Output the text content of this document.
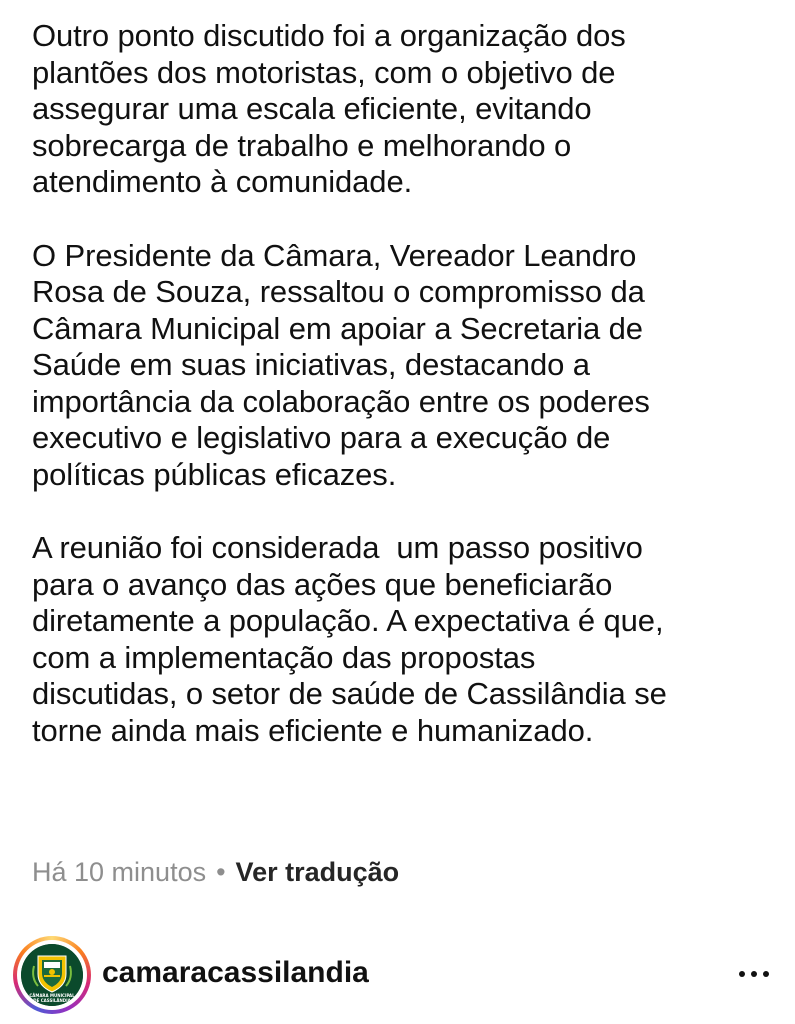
Outro ponto discutido foi a organização dos
plantões dos motoristas, com o objetivo de
assegurar uma escala eficiente, evitando
sobrecarga de trabalho e melhorando o
atendimento à comunidade.
O Presidente da Câmara, Vereador Leandro
Rosa de Souza, ressaltou o compromisso da
Câmara Municipal em apoiar a Secretaria de
Saúde em suas iniciativas, destacando a
importância da colaboração entre os poderes
executivo e legislativo para a execução de
políticas públicas eficazes.
A reunião foi considerada  um passo positivo
para o avanço das ações que beneficiarão
diretamente a população. A expectativa é que,
com a implementação das propostas
discutidas, o setor de saúde de Cassilândia se
torne ainda mais eficiente e humanizado.
Há 10 minutos • Ver tradução
CÂMARA MUNICIPAL
DE CASSILÂNDIA
camaracassilandia
